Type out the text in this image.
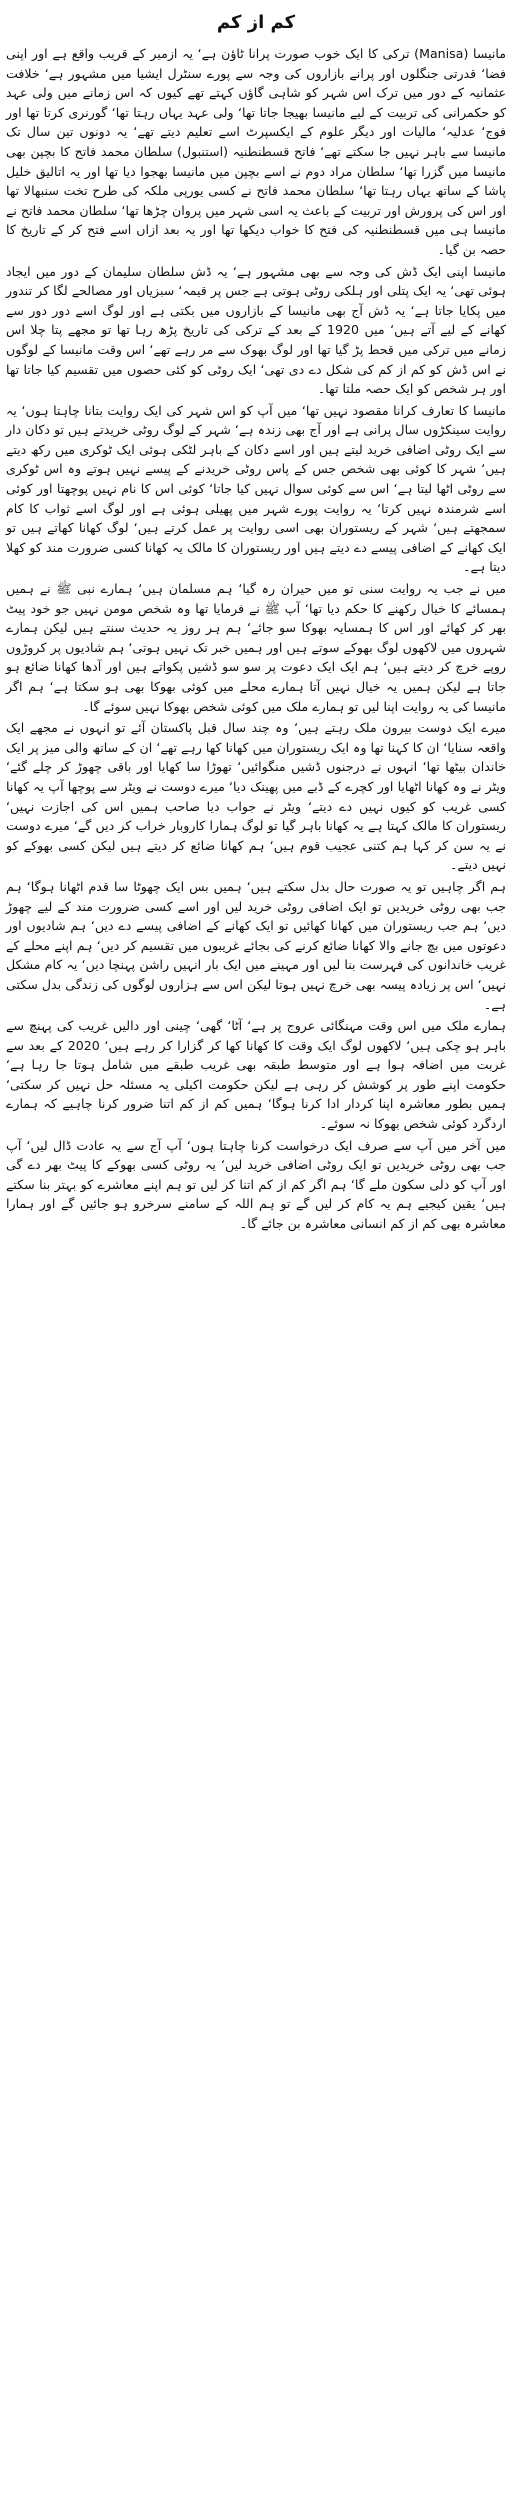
کم از کم

مانیسا (Manisa) ترکی کا ایک خوب صورت پرانا ٹاؤن ہے‘ یہ ازمیر کے قریب واقع ہے اور اپنی فضا‘ قدرتی جنگلوں اور پرانے بازاروں کی وجہ سے پورے سنٹرل ایشیا میں مشہور ہے‘ خلافت عثمانیہ کے دور میں ترک اس شہر کو شاہی گاؤں کہتے تھے کیوں کہ اس زمانے میں ولی عہد کو حکمرانی کی تربیت کے لیے مانیسا بھیجا جاتا تھا‘ ولی عہد یہاں رہتا تھا‘ گورنری کرتا تھا اور فوج‘ عدلیہ‘ مالیات اور دیگر علوم کے ایکسپرٹ اسے تعلیم دیتے تھے‘ یہ دونوں تین سال تک مانیسا سے باہر نہیں جا سکتے تھے‘ فاتح قسطنطنیہ (استنبول) سلطان محمد فاتح کا بچپن بھی مانیسا میں گزرا تھا‘ سلطان مراد دوم نے اسے بچپن میں مانیسا بھجوا دیا تھا اور یہ اتالیق خلیل پاشا کے ساتھ یہاں رہتا تھا‘ سلطان محمد فاتح نے کسی یورپی ملکہ کی طرح تخت سنبھالا تھا اور اس کی پرورش اور تربیت کے باعث یہ اسی شہر میں پروان چڑھا تھا‘ سلطان محمد فاتح نے مانیسا ہی میں قسطنطنیہ کی فتح کا خواب دیکھا تھا اور یہ بعد ازاں اسے فتح کر کے تاریخ کا حصہ بن گیا۔

مانیسا اپنی ایک ڈش کی وجہ سے بھی مشہور ہے‘ یہ ڈش سلطان سلیمان کے دور میں ایجاد ہوئی تھی‘ یہ ایک پتلی اور ہلکی روٹی ہوتی ہے جس پر قیمہ‘ سبزیاں اور مصالحے لگا کر تندور میں پکایا جاتا ہے‘ یہ ڈش آج بھی مانیسا کے بازاروں میں بکتی ہے اور لوگ اسے دور دور سے کھانے کے لیے آتے ہیں‘ میں 1920 کے بعد کے ترکی کی تاریخ پڑھ رہا تھا تو مجھے پتا چلا اس زمانے میں ترکی میں قحط پڑ گیا تھا اور لوگ بھوک سے مر رہے تھے‘ اس وقت مانیسا کے لوگوں نے اس ڈش کو کم از کم کی شکل دے دی تھی‘ ایک روٹی کو کئی حصوں میں تقسیم کیا جاتا تھا اور ہر شخص کو ایک حصہ ملتا تھا۔

مانیسا کا تعارف کرانا مقصود نہیں تھا‘ میں آپ کو اس شہر کی ایک روایت بتانا چاہتا ہوں‘ یہ روایت سینکڑوں سال پرانی ہے اور آج بھی زندہ ہے‘ شہر کے لوگ روٹی خریدتے ہیں تو دکان دار سے ایک روٹی اضافی خرید لیتے ہیں اور اسے دکان کے باہر لٹکی ہوئی ایک ٹوکری میں رکھ دیتے ہیں‘ شہر کا کوئی بھی شخص جس کے پاس روٹی خریدنے کے پیسے نہیں ہوتے وہ اس ٹوکری سے روٹی اٹھا لیتا ہے‘ اس سے کوئی سوال نہیں کیا جاتا‘ کوئی اس کا نام نہیں پوچھتا اور کوئی اسے شرمندہ نہیں کرتا‘ یہ روایت پورے شہر میں پھیلی ہوئی ہے اور لوگ اسے ثواب کا کام سمجھتے ہیں‘ شہر کے ریستوران بھی اسی روایت پر عمل کرتے ہیں‘ لوگ کھانا کھاتے ہیں تو ایک کھانے کے اضافی پیسے دے دیتے ہیں اور ریستوران کا مالک یہ کھانا کسی ضرورت مند کو کھلا دیتا ہے۔

میں نے جب یہ روایت سنی تو میں حیران رہ گیا‘ ہم مسلمان ہیں‘ ہمارے نبی ﷺ نے ہمیں ہمسائے کا خیال رکھنے کا حکم دیا تھا‘ آپ ﷺ نے فرمایا تھا وہ شخص مومن نہیں جو خود پیٹ بھر کر کھائے اور اس کا ہمسایہ بھوکا سو جائے‘ ہم ہر روز یہ حدیث سنتے ہیں لیکن ہمارے شہروں میں لاکھوں لوگ بھوکے سوتے ہیں اور ہمیں خبر تک نہیں ہوتی‘ ہم شادیوں پر کروڑوں روپے خرچ کر دیتے ہیں‘ ہم ایک ایک دعوت پر سو سو ڈشیں پکواتے ہیں اور آدھا کھانا ضائع ہو جاتا ہے لیکن ہمیں یہ خیال نہیں آتا ہمارے محلے میں کوئی بھوکا بھی ہو سکتا ہے‘ ہم اگر مانیسا کی یہ روایت اپنا لیں تو ہمارے ملک میں کوئی شخص بھوکا نہیں سوئے گا۔

میرے ایک دوست بیرون ملک رہتے ہیں‘ وہ چند سال قبل پاکستان آئے تو انہوں نے مجھے ایک واقعہ سنایا‘ ان کا کہنا تھا وہ ایک ریستوران میں کھانا کھا رہے تھے‘ ان کے ساتھ والی میز پر ایک خاندان بیٹھا تھا‘ انہوں نے درجنوں ڈشیں منگوائیں‘ تھوڑا سا کھایا اور باقی چھوڑ کر چلے گئے‘ ویٹر نے وہ کھانا اٹھایا اور کچرے کے ڈبے میں پھینک دیا‘ میرے دوست نے ویٹر سے پوچھا آپ یہ کھانا کسی غریب کو کیوں نہیں دے دیتے‘ ویٹر نے جواب دیا صاحب ہمیں اس کی اجازت نہیں‘ ریستوران کا مالک کہتا ہے یہ کھانا باہر گیا تو لوگ ہمارا کاروبار خراب کر دیں گے‘ میرے دوست نے یہ سن کر کہا ہم کتنی عجیب قوم ہیں‘ ہم کھانا ضائع کر دیتے ہیں لیکن کسی بھوکے کو نہیں دیتے۔

ہم اگر چاہیں تو یہ صورت حال بدل سکتے ہیں‘ ہمیں بس ایک چھوٹا سا قدم اٹھانا ہوگا‘ ہم جب بھی روٹی خریدیں تو ایک اضافی روٹی خرید لیں اور اسے کسی ضرورت مند کے لیے چھوڑ دیں‘ ہم جب ریستوران میں کھانا کھائیں تو ایک کھانے کے اضافی پیسے دے دیں‘ ہم شادیوں اور دعوتوں میں بچ جانے والا کھانا ضائع کرنے کی بجائے غریبوں میں تقسیم کر دیں‘ ہم اپنے محلے کے غریب خاندانوں کی فہرست بنا لیں اور مہینے میں ایک بار انہیں راشن پہنچا دیں‘ یہ کام مشکل نہیں‘ اس پر زیادہ پیسہ بھی خرچ نہیں ہوتا لیکن اس سے ہزاروں لوگوں کی زندگی بدل سکتی ہے۔

ہمارے ملک میں اس وقت مہنگائی عروج پر ہے‘ آٹا‘ گھی‘ چینی اور دالیں غریب کی پہنچ سے باہر ہو چکی ہیں‘ لاکھوں لوگ ایک وقت کا کھانا کھا کر گزارا کر رہے ہیں‘ 2020 کے بعد سے غربت میں اضافہ ہوا ہے اور متوسط طبقہ بھی غریب طبقے میں شامل ہوتا جا رہا ہے‘ حکومت اپنے طور پر کوشش کر رہی ہے لیکن حکومت اکیلی یہ مسئلہ حل نہیں کر سکتی‘ ہمیں بطور معاشرہ اپنا کردار ادا کرنا ہوگا‘ ہمیں کم از کم اتنا ضرور کرنا چاہیے کہ ہمارے اردگرد کوئی شخص بھوکا نہ سوئے۔

میں آخر میں آپ سے صرف ایک درخواست کرنا چاہتا ہوں‘ آپ آج سے یہ عادت ڈال لیں‘ آپ جب بھی روٹی خریدیں تو ایک روٹی اضافی خرید لیں‘ یہ روٹی کسی بھوکے کا پیٹ بھر دے گی اور آپ کو دلی سکون ملے گا‘ ہم اگر کم از کم اتنا کر لیں تو ہم اپنے معاشرے کو بہتر بنا سکتے ہیں‘ یقین کیجیے ہم یہ کام کر لیں گے تو ہم اللہ کے سامنے سرخرو ہو جائیں گے اور ہمارا معاشرہ بھی کم از کم انسانی معاشرہ بن جائے گا۔
